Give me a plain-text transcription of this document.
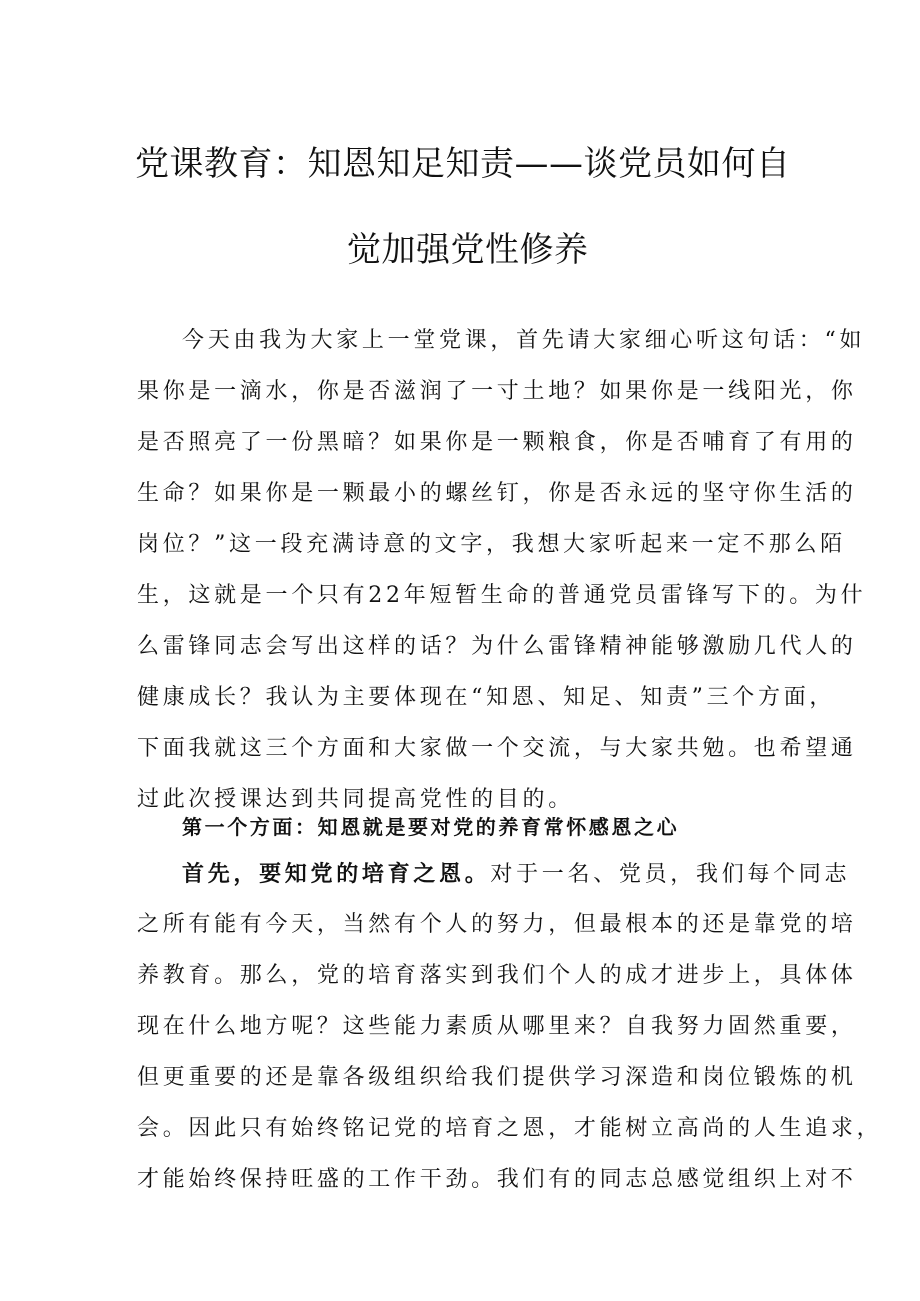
党课教育：知恩知足知责——谈党员如何自
觉加强党性修养
今天由我为大家上一堂党课，首先请大家细心听这句话：“如
果你是一滴水，你是否滋润了一寸土地？如果你是一线阳光，你
是否照亮了一份黑暗？如果你是一颗粮食，你是否哺育了有用的
生命？如果你是一颗最小的螺丝钉，你是否永远的坚守你生活的
岗位？”这一段充满诗意的文字，我想大家听起来一定不那么陌
生，这就是一个只有22年短暂生命的普通党员雷锋写下的。为什
么雷锋同志会写出这样的话？为什么雷锋精神能够激励几代人的
健康成长？我认为主要体现在“知恩、知足、知责”三个方面，
下面我就这三个方面和大家做一个交流，与大家共勉。也希望通
过此次授课达到共同提高党性的目的。
第一个方面：知恩就是要对党的养育常怀感恩之心
首先，要知党的培育之恩。对于一名、党员，我们每个同志
之所有能有今天，当然有个人的努力，但最根本的还是靠党的培
养教育。那么，党的培育落实到我们个人的成才进步上，具体体
现在什么地方呢？这些能力素质从哪里来？自我努力固然重要，
但更重要的还是靠各级组织给我们提供学习深造和岗位锻炼的机
会。因此只有始终铭记党的培育之恩，才能树立高尚的人生追求，
才能始终保持旺盛的工作干劲。我们有的同志总感觉组织上对不
